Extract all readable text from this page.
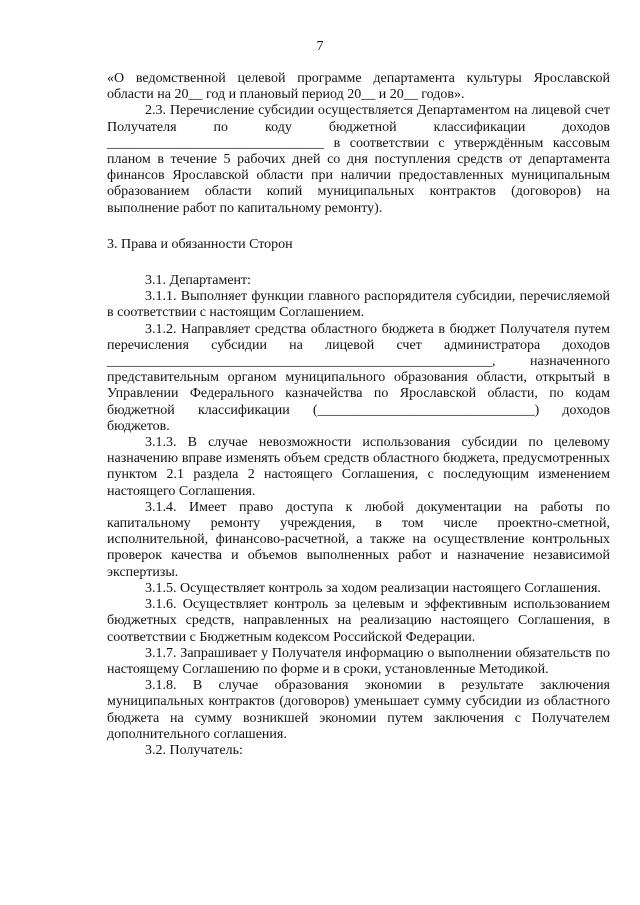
7

«О ведомственной целевой программе департамента культуры Ярославской области на 20__ год и плановый период 20__ и 20__ годов».

2.3. Перечисление субсидии осуществляется Департаментом на лицевой счет Получателя по коду бюджетной классификации доходов _______________________________ в соответствии с утверждённым кассовым планом в течение 5 рабочих дней со дня поступления средств от департамента финансов Ярославской области при наличии предоставленных муниципальным образованием области копий муниципальных контрактов (договоров) на выполнение работ по капитальному ремонту).

3. Права и обязанности Сторон

3.1. Департамент:

3.1.1. Выполняет функции главного распорядителя субсидии, перечисляемой в соответствии с настоящим Соглашением.

3.1.2. Направляет средства областного бюджета в бюджет Получателя путем перечисления субсидии на лицевой счет администратора доходов _______________________________________________________, назначенного представительным органом муниципального образования области, открытый в Управлении Федерального казначейства по Ярославской области, по кодам бюджетной классификации (_______________________________) доходов бюджетов.

3.1.3. В случае невозможности использования субсидии по целевому назначению вправе изменять объем средств областного бюджета, предусмотренных пунктом 2.1 раздела 2 настоящего Соглашения, с последующим изменением настоящего Соглашения.

3.1.4. Имеет право доступа к любой документации на работы по капитальному ремонту учреждения, в том числе проектно-сметной, исполнительной, финансово-расчетной, а также на осуществление контрольных проверок качества и объемов выполненных работ и назначение независимой экспертизы.

3.1.5. Осуществляет контроль за ходом реализации настоящего Соглашения.

3.1.6. Осуществляет контроль за целевым и эффективным использованием бюджетных средств, направленных на реализацию настоящего Соглашения, в соответствии с Бюджетным кодексом Российской Федерации.

3.1.7. Запрашивает у Получателя информацию о выполнении обязательств по настоящему Соглашению по форме и в сроки, установленные Методикой.

3.1.8. В случае образования экономии в результате заключения муниципальных контрактов (договоров) уменьшает сумму субсидии из областного бюджета на сумму возникшей экономии путем заключения с Получателем дополнительного соглашения.

3.2. Получатель:
